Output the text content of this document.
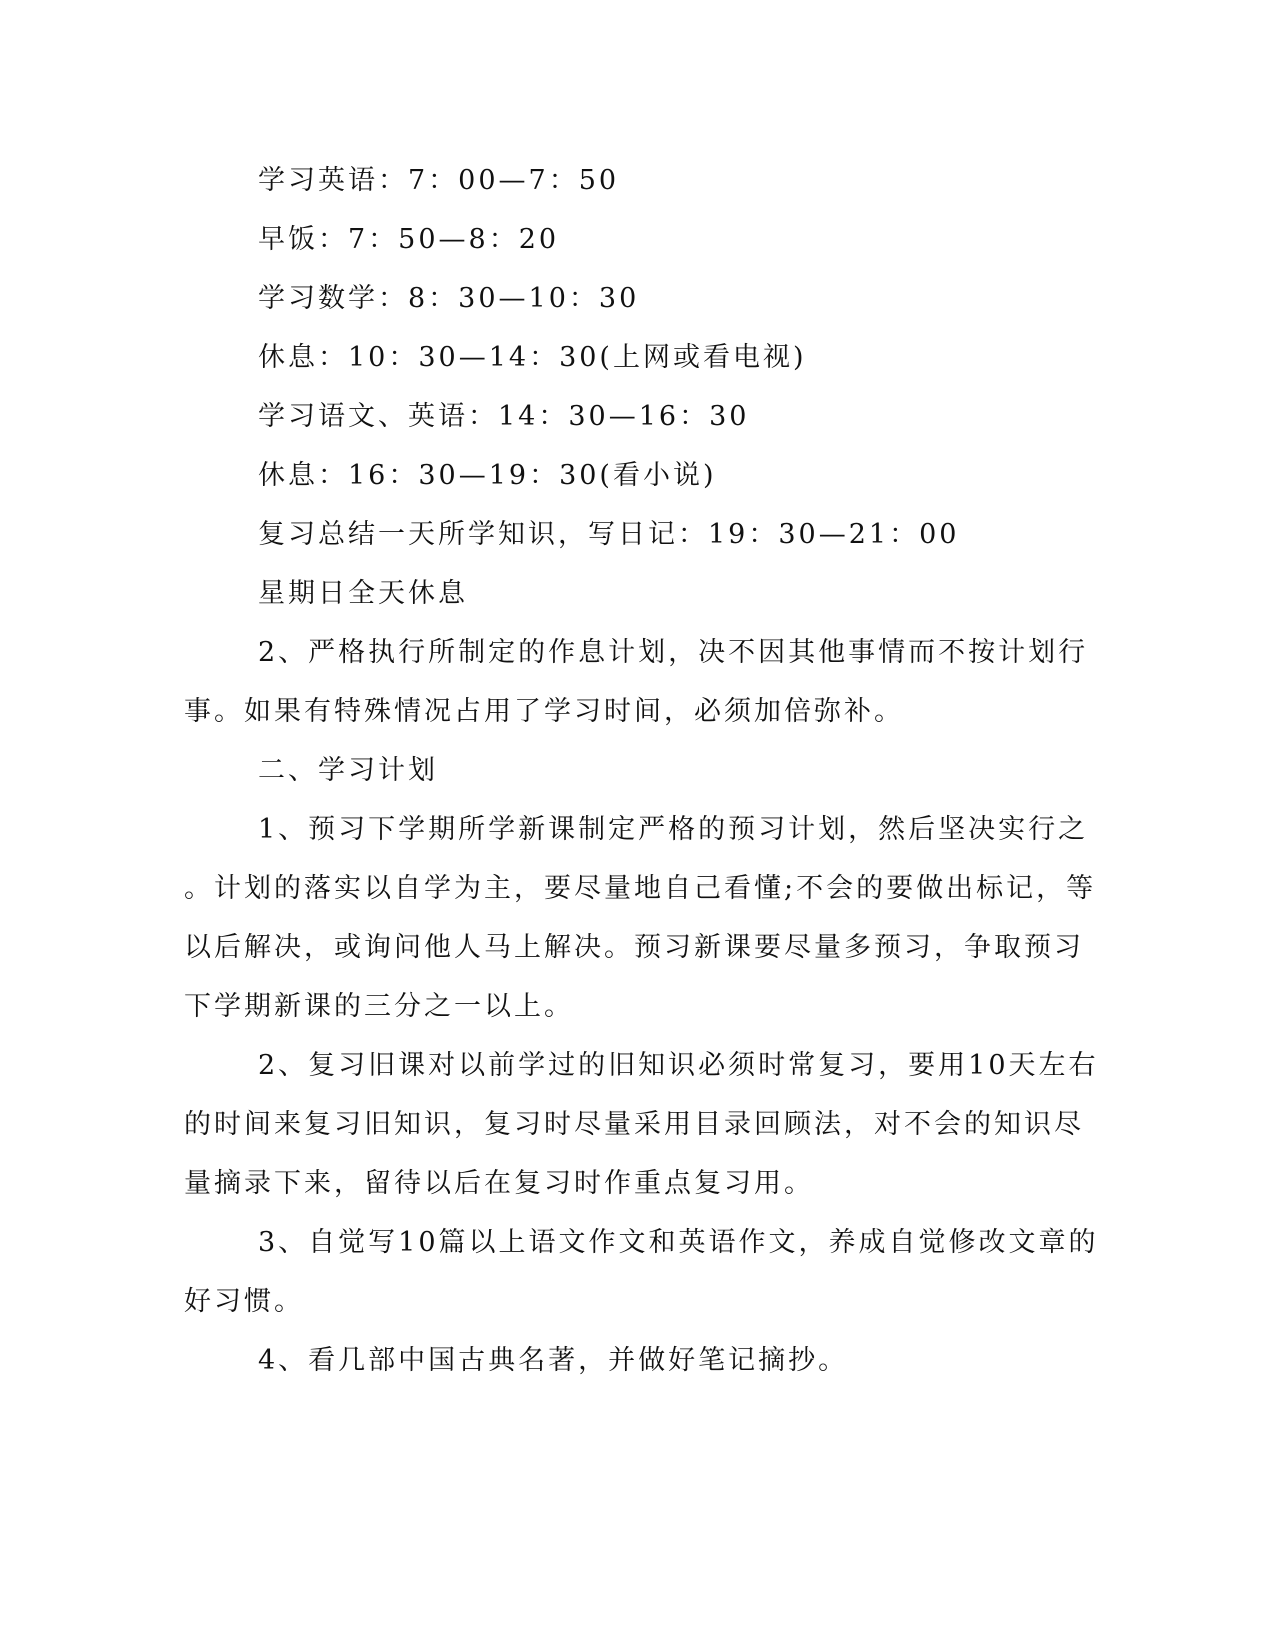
学习英语：7：00—7：50
早饭：7：50—8：20
学习数学：8：30—10：30
休息：10：30—14：30(上网或看电视)
学习语文、英语：14：30—16：30
休息：16：30—19：30(看小说)
复习总结一天所学知识，写日记：19：30—21：00
星期日全天休息
2、严格执行所制定的作息计划，决不因其他事情而不按计划行
事。如果有特殊情况占用了学习时间，必须加倍弥补。
二、学习计划
1、预习下学期所学新课制定严格的预习计划，然后坚决实行之
。计划的落实以自学为主，要尽量地自己看懂;不会的要做出标记，等
以后解决，或询问他人马上解决。预习新课要尽量多预习，争取预习
下学期新课的三分之一以上。
2、复习旧课对以前学过的旧知识必须时常复习，要用10天左右
的时间来复习旧知识，复习时尽量采用目录回顾法，对不会的知识尽
量摘录下来，留待以后在复习时作重点复习用。
3、自觉写10篇以上语文作文和英语作文，养成自觉修改文章的
好习惯。
4、看几部中国古典名著，并做好笔记摘抄。
